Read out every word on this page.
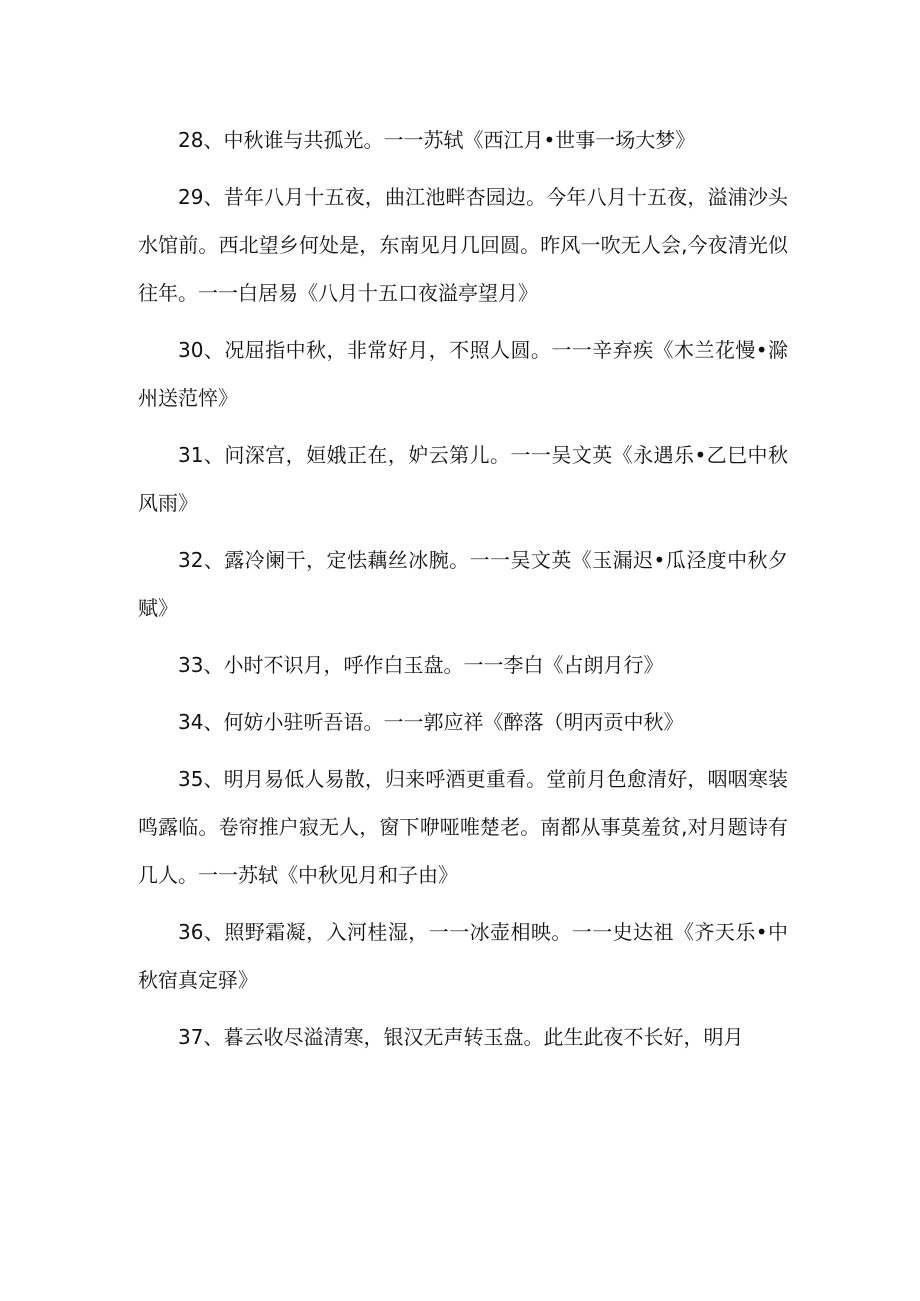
28、中秋谁与共孤光。一一苏轼《西江月•世事一场大梦》

29、昔年八月十五夜，曲江池畔杏园边。今年八月十五夜，溢浦沙头水馆前。西北望乡何处是，东南见月几回圆。昨风一吹无人会,今夜清光似往年。一一白居易《八月十五口夜溢亭望月》

30、况屈指中秋，非常好月，不照人圆。一一辛弃疾《木兰花慢•滁州送范悴》

31、问深宫，姮娥正在，妒云第儿。一一吴文英《永遇乐•乙巳中秋风雨》

32、露冷阑干，定怯藕丝冰腕。一一吴文英《玉漏迟•瓜泾度中秋夕赋》

33、小时不识月，呼作白玉盘。一一李白《占朗月行》

34、何妨小驻听吾语。一一郭应祥《醉落（明丙贡中秋》

35、明月易低人易散，归来呼酒更重看。堂前月色愈清好，咽咽寒装鸣露临。卷帘推户寂无人，窗下咿哑唯楚老。南都从事莫羞贫,对月题诗有几人。一一苏轼《中秋见月和子由》

36、照野霜凝，入河桂湿，一一冰壶相映。一一史达祖《齐天乐•中秋宿真定驿》

37、暮云收尽溢清寒，银汉无声转玉盘。此生此夜不长好，明月
